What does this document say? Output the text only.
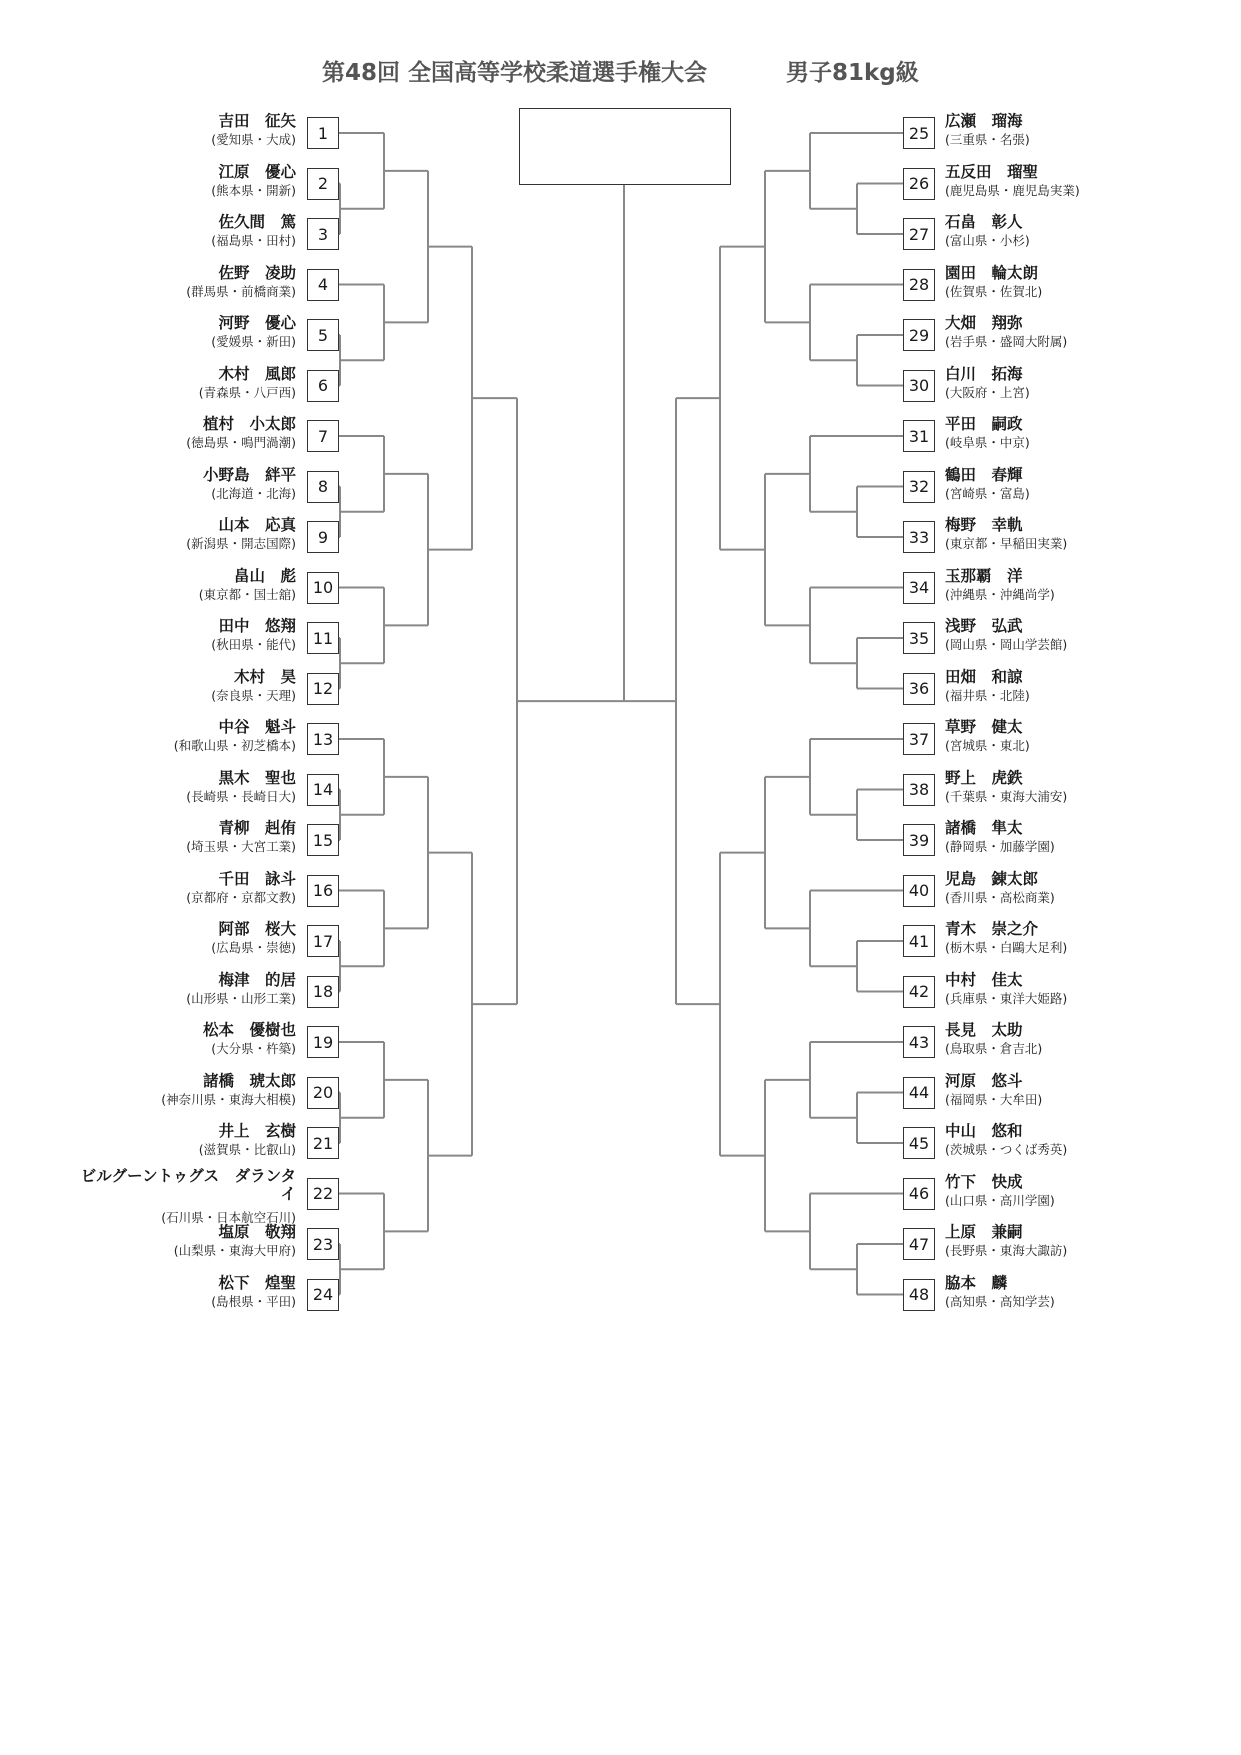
第48回 全国高等学校柔道選手権大会	男子81kg級
1
吉田　征矢
(愛知県・大成)
2
江原　優心
(熊本県・開新)
3
佐久間　篤
(福島県・田村)
4
佐野　凌助
(群馬県・前橋商業)
5
河野　優心
(愛媛県・新田)
6
木村　風郎
(青森県・八戸西)
7
植村　小太郎
(徳島県・鳴門渦潮)
8
小野島　絆平
(北海道・北海)
9
山本　応真
(新潟県・開志国際)
10
畠山　彪
(東京都・国士舘)
11
田中　悠翔
(秋田県・能代)
12
木村　昊
(奈良県・天理)
13
中谷　魁斗
(和歌山県・初芝橋本)
14
黒木　聖也
(長崎県・長崎日大)
15
青柳　赳侑
(埼玉県・大宮工業)
16
千田　詠斗
(京都府・京都文教)
17
阿部　桜大
(広島県・崇徳)
18
梅津　的居
(山形県・山形工業)
19
松本　優樹也
(大分県・杵築)
20
諸橋　琥太郎
(神奈川県・東海大相模)
21
井上　玄樹
(滋賀県・比叡山)
22
ビルグーントゥグス　ダランタ
イ
(石川県・日本航空石川)
23
塩原　敬翔
(山梨県・東海大甲府)
24
松下　煌聖
(島根県・平田)
25
広瀬　瑠海
(三重県・名張)
26
五反田　瑠聖
(鹿児島県・鹿児島実業)
27
石畠　彰人
(富山県・小杉)
28
園田　輪太朗
(佐賀県・佐賀北)
29
大畑　翔弥
(岩手県・盛岡大附属)
30
白川　拓海
(大阪府・上宮)
31
平田　嗣政
(岐阜県・中京)
32
鶴田　春輝
(宮崎県・富島)
33
梅野　幸軌
(東京都・早稲田実業)
34
玉那覇　洋
(沖縄県・沖縄尚学)
35
浅野　弘武
(岡山県・岡山学芸館)
36
田畑　和諒
(福井県・北陸)
37
草野　健太
(宮城県・東北)
38
野上　虎鉄
(千葉県・東海大浦安)
39
諸橋　隼太
(静岡県・加藤学園)
40
児島　錬太郎
(香川県・高松商業)
41
青木　崇之介
(栃木県・白鷗大足利)
42
中村　佳太
(兵庫県・東洋大姫路)
43
長見　太助
(鳥取県・倉吉北)
44
河原　悠斗
(福岡県・大牟田)
45
中山　悠和
(茨城県・つくば秀英)
46
竹下　快成
(山口県・高川学園)
47
上原　兼嗣
(長野県・東海大諏訪)
48
脇本　麟
(高知県・高知学芸)
